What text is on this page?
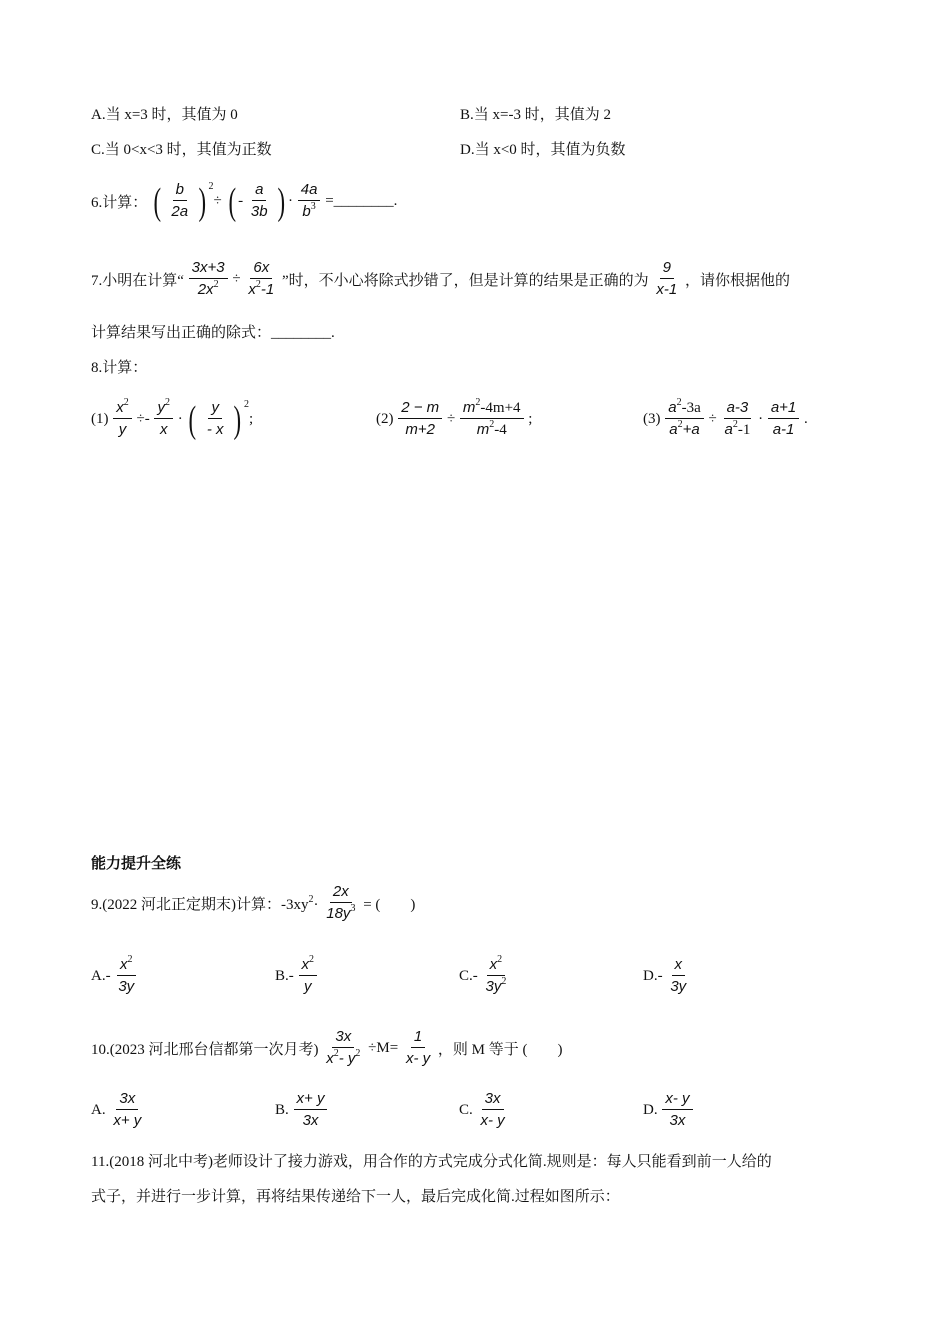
A.当 x=3 时，其值为 0	B.当 x=-3 时，其值为 2
C.当 0<x<3 时，其值为正数	D.当 x<0 时，其值为负数
6.计算： ( $\frac{b}{2a}$ ) $^2$÷ ( - $\frac{a}{3b}$ ) · $\frac{4a}{b^3}$ =________.
7.小明在计算“ $\frac{3x+3}{2x^2} \div \frac{6x}{x^2-1}$ ”时，不小心将除式抄错了，但是计算的结果是正确的为 $\frac{9}{x-1}$ ，请你根据他的
计算结果写出正确的除式：________.
8.计算：
$(1) \frac{x^2}{y} \div- \frac{y^2}{x}$ · ( $\frac{y}{- x}$ ) $^2$;	$(2) \frac{2 - m}{m+2} \div \frac{m^2-4m+4}{m^2-4}$ ;	$(3) \frac{a^2-3a}{a^2+a} \div \frac{a-3}{a^2-1} \cdot \frac{a+1}{a-1}$ .
能力提升全练
9.(2022 河北正定期末)计算：$-3xy^2\cdot \frac{2x}{18y^3}$ = (　　)
$A.- \frac{x^2}{3y}$	$B.- \frac{x^2}{y}$	$C.- \frac{x^2}{3y^2}$	$D.- \frac{x}{3y}$
10.(2023 河北邢台信都第一次月考) $\frac{3x}{x^2- y^2} \div M= \frac{1}{x- y}$ ，则 M 等于 (　　)
A. $\frac{3x}{x+ y}$	B. $\frac{x+ y}{3x}$	C. $\frac{3x}{x- y}$	D. $\frac{x- y}{3x}$
11.(2018 河北中考)老师设计了接力游戏，用合作的方式完成分式化简.规则是：每人只能看到前一人给的
式子，并进行一步计算，再将结果传递给下一人，最后完成化简.过程如图所示：
